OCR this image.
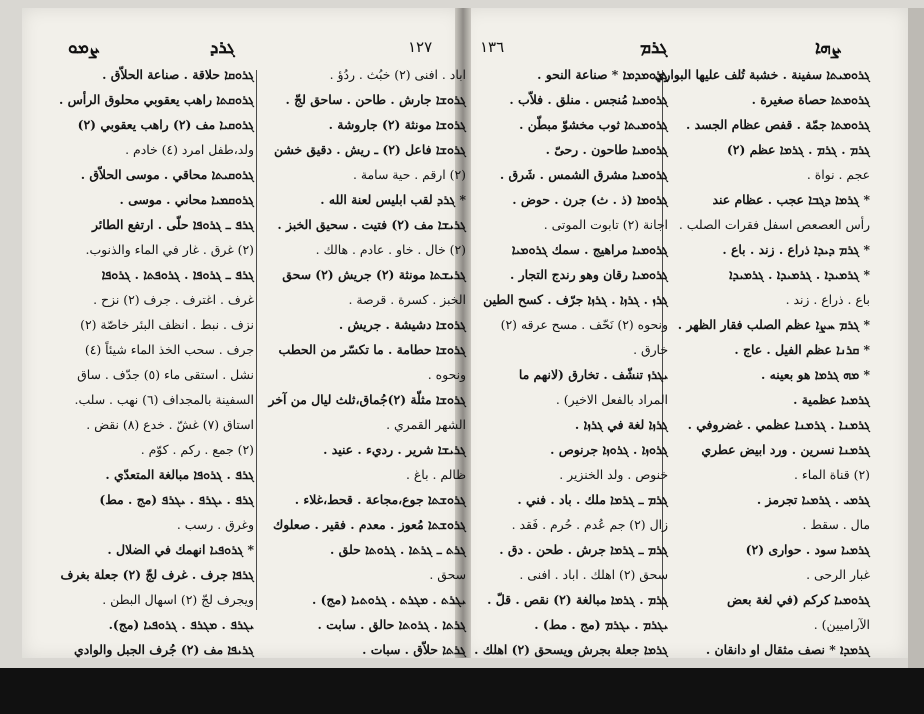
ܨܡܘ	ܓܪܕ	١٢٧	١٣٦	ܓܪܡ	ܨܗܐ
ܓܪܘܩܐ حلاقة . صناعة الحلاّق .
ܓܪܘܩܬܐ راهب يعقوبي محلوق الرأس .
ܓܪܘܩܝܐ مف (٢) راهب يعقوبي (٢)
ولد،طفل امرد (٤) خادم .
ܓܪܘܩܝܬܐ محاقي . موسى الحلاّق .
ܓܪܘܩܡܝܐ محاني . موسى .
ܓܪܦ ـ ܓܪܘܦܐ حلّى . ارتفع الطائر
(٢) غرق . غار في الماء والذنوب.
ܓܪܦ ـ ܓܪܘܦܐ . ܓܪܘܦܬܐ . ܓܪܘܦܐ
غرف . اغترف . جرف (٢) نزح .
نزف . نبط . انظف البئر خاصّة (٢)
جرف . سحب الخذ الماء شيئاً (٤)
نشل . استقى ماء (٥) جدّف . ساق
السفينة بالمجداف (٦) نهب . سلب.
استاق (٧) غشّ . خدع (٨) نقض .
(٢) جمع . ركم . كوّم .
ܓܪܦ . ܓܪܘܦܐ مبالغة المتعدّي .
ܓܪܦ . ܝܓܪܦ . ܝܓܪܦ (مج . مط)
وغرق . رسب .
* ܓܪܘܦܝܐ انهمك في الضلال .
ܓܪܦܐ جرف . غرف لجّ (٢) جعلة بغرف
ويجرف لجّ (٢) اسهال البطن .
ܝܓܪܦ . ܡܓܪܦ . ܓܪܘܦܝܐ (مج).
ܓܪܝܦܐ مف (٢) جُرف الجبل والوادي
اباد . افنى (٢) خبُث . ردُؤ .
ܓܪܘܫܐ جارش . طاحن . ساحق لجّ .
ܓܪܘܫܐ مونثة (٢) جاروشة .
ܓܪܘܫܐ فاعل (٢) ـ ريش . دقيق خشن
(٢) ارقم . حية سامة .
* ܓܪܕ لقب ابليس لعنة الله .
ܓܪܝܫܐ مف (٢) فتيت . سحيق الخبز .
(٢) خال . خاو . عادم . هالك .
ܓܪܝܫܬܐ مونثة (٢) جريش (٢) سحق
الخبز . كسرة . قرصة .
ܓܪܘܫܐ دشيشة . جريش .
ܓܪܘܫܐ حطامة . ما تكسّر من الحطب
ونحوه .
ܓܪܘܫܐ مثلّة (٢)جُماق،ثلث ليال من آخر
الشهر القمري .
ܓܪܝܫܐ شرير . رديء . عنيد .
ظالم . باغ .
ܓܪܘܫܬܐ جوع،مجاعة . قحط،غلاء .
ܓܪܘܫܬܐ مُعوز . معدم . فقير . صعلوك
ܓܪܬ ـ ܓܪܬܐ . ܓܪܘܬܐ حلق .
سحق .
ܝܓܪܬ . ܡܓܪܬ . ܓܪܘܬܝܐ (مج) .
ܓܪܬܐ . ܓܪܘܬܐ حالق . سابت .
ܓܪܬܐ حلاّق . سبات .
ܓܪܘܡܕܡܐ * صناعة النحو .
ܓܪܘܡܝܐ مُنجس . منلق . فلاّب .
ܓܪܘܡܝܬܐ ثوب مخشوّ مبطّن .
ܓܪܘܡܝܐ طاحون . رحىّ .
ܓܪܘܡܝܐ مشرق الشمس . شَرق .
ܓܪܘܡܐ (ذ . ث) جرن . حوض .
اجانة (٢) تابوت الموتى .
ܓܪܘܡܝܐ مراهيج . سمك ܓܪܘܡܝܐ
ܓܪܘܡܝܐ رقان وهو رندج التجار .
ܓܪܙ . ܓܪܙܐ . ܓܪܙܐ جرّف . كسح الطين
ونحوه (٢) نَحّف . مسح عرقه (٢)
خارق .
ܝܓܪܙ تنشّف . تخارق (لانهم ما
المراد بالفعل الاخير) .
ܓܪܙܐ لغة في ܓܪܙܐ .
ܓܪܘܙܐ . ܓܪܘܙܐ جرنوص .
خنوص . ولد الخنزير .
ܓܪܡ ـ ܓܪܡܐ ملك . باد . فني .
زال (٢) جم عُدم . حُرم . فَقد .
ܓܪܡ ـ ܓܪܡܐ جرش . طحن . دق .
سحق (٢) اهلك . اباد . افنى .
ܓܪܡ . ܓܪܡܐ مبالغة (٢) نقص . قلّ .
ܝܓܪܡ . ܝܓܪܡ (مج . مط) .
ܓܪܡܐ جعلة بجرش ويسحق (٢) اهلك .
ܓܪܘܡܝܬܐ سفينة . خشبة تُلف عليها البواري
ܓܪܘܡܬܐ حصاة صغيرة .
ܓܪܘܡܬܐ جمّة . قفص عظام الجسد .
ܓܪܡ . ܓܪܡ . ܓܪܡܐ عظم (٢)
عجم . نواة .
* ܓܪܡܐ ܕܓܒܐ عجب . عظام عند
رأس العصعص اسفل فقرات الصلب .
* ܓܪܡ ܕܝܕܐ ذراع . زند . باع .
* ܓܪܡܝܕܐ . ܓܪܡܝܕܐ . ܓܪܡܝܕܐ
باع . ذراع . زند .
* ܓܪܡ ܚܨܐ عظم الصلب فقار الظهر .
* ܩܪܢܐ عظم الفيل . عاج .
* ܡܗ ܓܪܡܐ هو بعينه .
ܓܪܡܝܐ عظمية .
ܓܪܡܢܐ . ܓܪܡܢܐ عظمي . غضروفي .
ܓܪܡܢܐ نسرين . ورد ابيض عطري
(٢) قناة الماء .
ܓܪܡܝ . ܓܪܡܝܐ تجرمز .
مال . سقط .
ܓܪܡܝܐ سود . حوارى (٢)
غبار الرحى .
ܓܪܘܡܝܐ كركم (في لغة بعض
الآراميين) .
ܓܪܡܕܐ * نصف مثقال او دانقان .
